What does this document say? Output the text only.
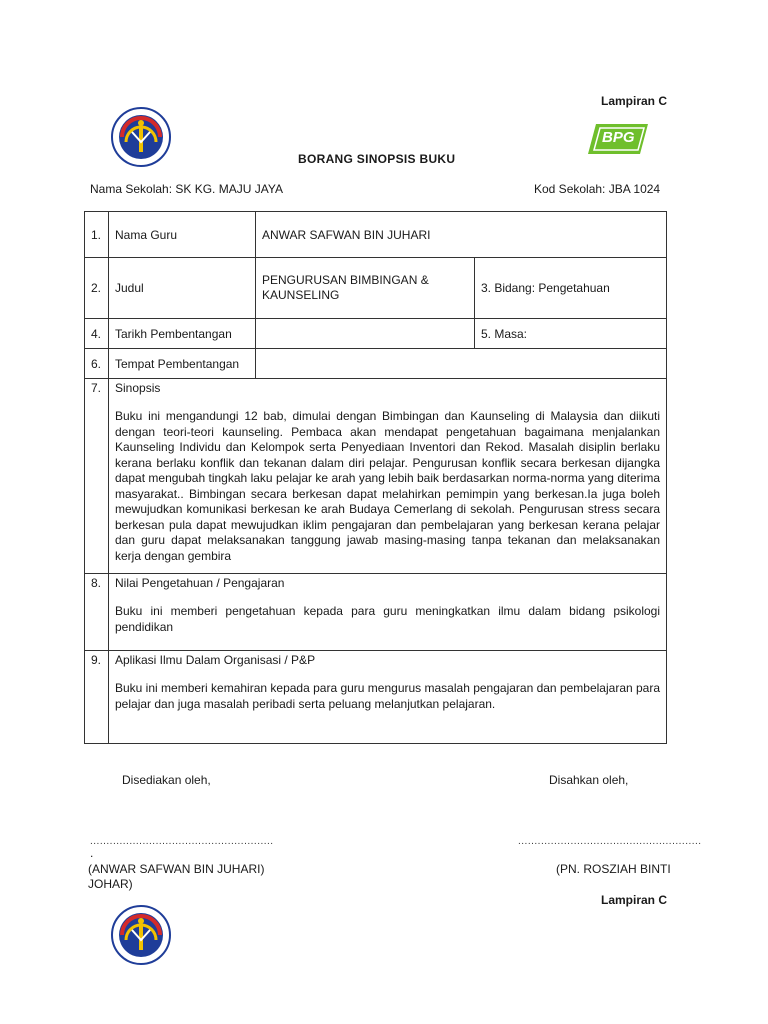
Lampiran C
BPG
BORANG SINOPSIS BUKU
Nama Sekolah: SK KG. MAJU JAYA	Kod Sekolah: JBA 1024
1.	Nama Guru	ANWAR SAFWAN BIN JUHARI	
2.	Judul	PENGURUSAN BIMBINGAN & KAUNSELING	3. Bidang: Pengetahuan
4.	Tarikh Pembentangan		5. Masa:
6.	Tempat Pembentangan		
7.	Sinopsis
Buku ini mengandungi 12 bab, dimulai dengan Bimbingan dan Kaunseling di Malaysia dan diikuti dengan teori-teori kaunseling. Pembaca akan mendapat pengetahuan bagaimana menjalankan Kaunseling Individu dan Kelompok serta Penyediaan Inventori dan Rekod. Masalah disiplin berlaku kerana berlaku konflik dan tekanan dalam diri pelajar. Pengurusan konflik secara berkesan dijangka dapat mengubah tingkah laku pelajar ke arah yang lebih baik berdasarkan norma-norma yang diterima masyarakat.. Bimbingan secara berkesan dapat melahirkan pemimpin yang berkesan.Ia juga boleh mewujudkan komunikasi berkesan ke arah Budaya Cemerlang di sekolah. Pengurusan stress secara berkesan pula dapat mewujudkan iklim pengajaran dan pembelajaran yang berkesan kerana pelajar dan guru dapat melaksanakan tanggung jawab masing-masing tanpa tekanan dan melaksanakan kerja dengan gembira		

8.	Nilai Pengetahuan / Pengajaran
Buku ini memberi pengetahuan kepada para guru meningkatkan ilmu dalam bidang psikologi pendidikan		

9.	Aplikasi Ilmu Dalam Organisasi / P&P
Buku ini memberi kemahiran kepada para guru mengurus masalah pengajaran dan pembelajaran para pelajar dan juga masalah peribadi serta peluang melanjutkan pelajaran.		
Disediakan oleh,	Disahkan oleh,
........................................................	........................................................
.
(ANWAR SAFWAN BIN JUHARI)
JOHAR)
(PN. ROSZIAH BINTI
Lampiran C
